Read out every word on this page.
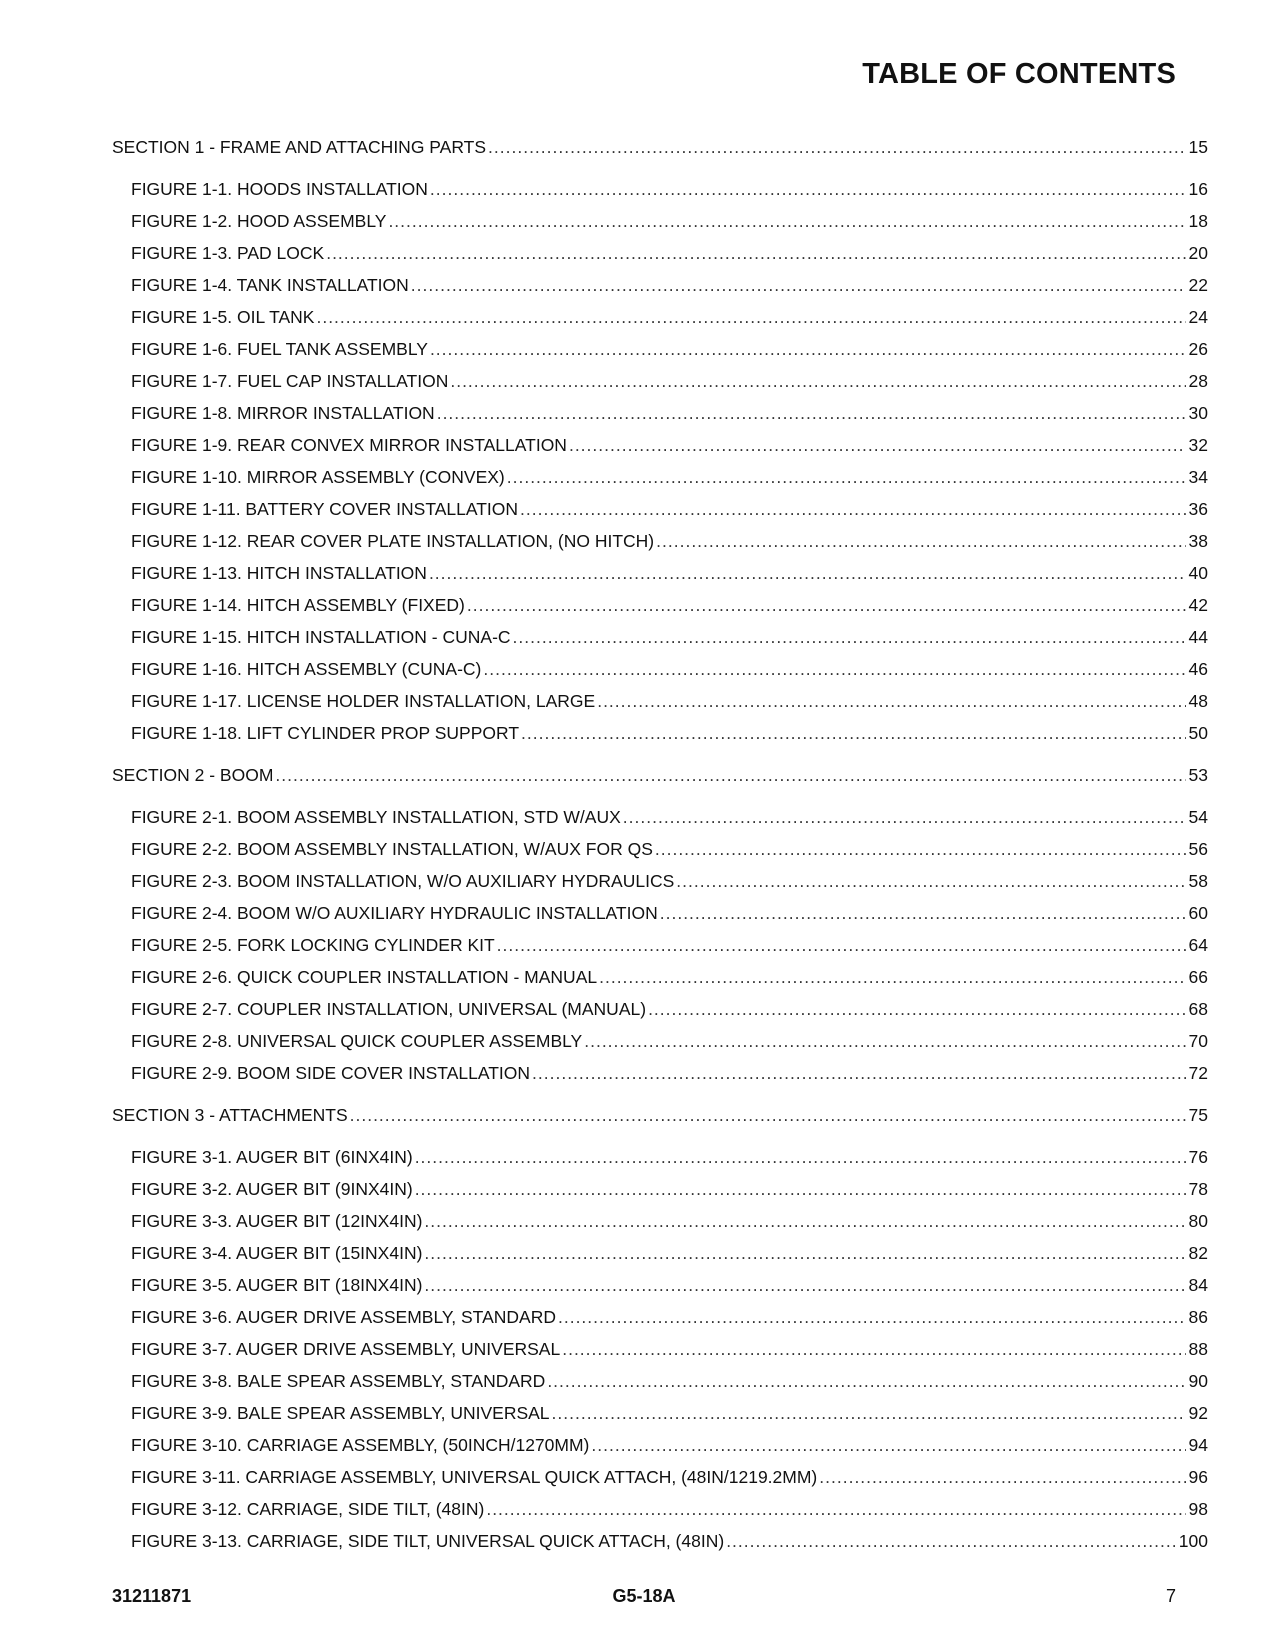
TABLE OF CONTENTS
SECTION 1 - FRAME AND ATTACHING PARTS .....	15
FIGURE 1-1. HOODS INSTALLATION .....	16
FIGURE 1-2. HOOD ASSEMBLY .....	18
FIGURE 1-3. PAD LOCK .....	20
FIGURE 1-4. TANK INSTALLATION .....	22
FIGURE 1-5. OIL TANK .....	24
FIGURE 1-6. FUEL TANK ASSEMBLY .....	26
FIGURE 1-7. FUEL CAP INSTALLATION .....	28
FIGURE 1-8. MIRROR INSTALLATION .....	30
FIGURE 1-9. REAR CONVEX MIRROR INSTALLATION .....	32
FIGURE 1-10. MIRROR ASSEMBLY (CONVEX) .....	34
FIGURE 1-11. BATTERY COVER INSTALLATION .....	36
FIGURE 1-12. REAR COVER PLATE INSTALLATION, (NO HITCH) .....	38
FIGURE 1-13. HITCH INSTALLATION .....	40
FIGURE 1-14. HITCH ASSEMBLY (FIXED) .....	42
FIGURE 1-15. HITCH INSTALLATION - CUNA-C .....	44
FIGURE 1-16. HITCH ASSEMBLY (CUNA-C) .....	46
FIGURE 1-17. LICENSE HOLDER INSTALLATION, LARGE .....	48
FIGURE 1-18. LIFT CYLINDER PROP SUPPORT .....	50
SECTION 2 - BOOM .....	53
FIGURE 2-1. BOOM ASSEMBLY INSTALLATION, STD W/AUX .....	54
FIGURE 2-2. BOOM ASSEMBLY INSTALLATION, W/AUX FOR QS .....	56
FIGURE 2-3. BOOM INSTALLATION, W/O AUXILIARY HYDRAULICS .....	58
FIGURE 2-4. BOOM W/O AUXILIARY HYDRAULIC INSTALLATION .....	60
FIGURE 2-5. FORK LOCKING CYLINDER KIT .....	64
FIGURE 2-6. QUICK COUPLER INSTALLATION - MANUAL .....	66
FIGURE 2-7. COUPLER INSTALLATION, UNIVERSAL (MANUAL) .....	68
FIGURE 2-8. UNIVERSAL QUICK COUPLER ASSEMBLY .....	70
FIGURE 2-9. BOOM SIDE COVER INSTALLATION .....	72
SECTION 3 - ATTACHMENTS .....	75
FIGURE 3-1. AUGER BIT (6INX4IN) .....	76
FIGURE 3-2. AUGER BIT (9INX4IN) .....	78
FIGURE 3-3. AUGER BIT (12INX4IN) .....	80
FIGURE 3-4. AUGER BIT (15INX4IN) .....	82
FIGURE 3-5. AUGER BIT (18INX4IN) .....	84
FIGURE 3-6. AUGER DRIVE ASSEMBLY, STANDARD .....	86
FIGURE 3-7. AUGER DRIVE ASSEMBLY, UNIVERSAL .....	88
FIGURE 3-8. BALE SPEAR ASSEMBLY, STANDARD .....	90
FIGURE 3-9. BALE SPEAR ASSEMBLY, UNIVERSAL .....	92
FIGURE 3-10. CARRIAGE ASSEMBLY, (50INCH/1270MM) .....	94
FIGURE 3-11. CARRIAGE ASSEMBLY, UNIVERSAL QUICK ATTACH, (48IN/1219.2MM) .....	96
FIGURE 3-12. CARRIAGE, SIDE TILT, (48IN) .....	98
FIGURE 3-13. CARRIAGE, SIDE TILT, UNIVERSAL QUICK ATTACH, (48IN) .....	100
31211871	G5-18A	7
